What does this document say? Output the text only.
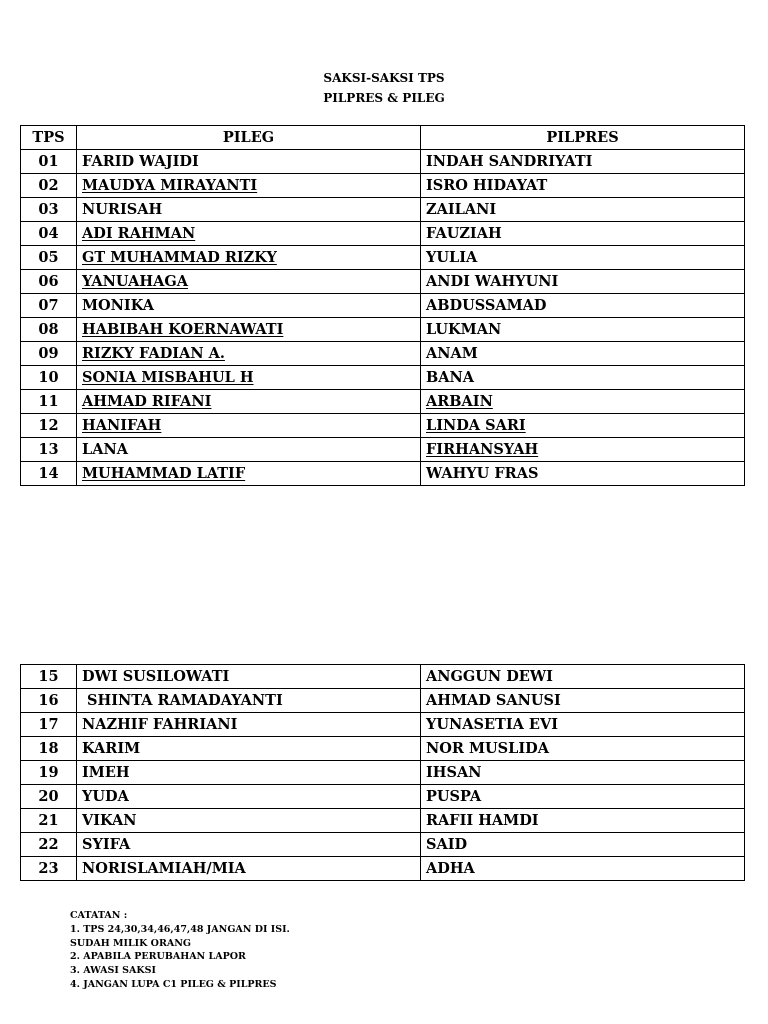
SAKSI-SAKSI TPS
PILPRES & PILEG
TPS	PILEG	PILPRES
01	FARID WAJIDI	INDAH SANDRIYATI
02	MAUDYA MIRAYANTI	ISRO HIDAYAT
03	NURISAH	ZAILANI
04	ADI RAHMAN	FAUZIAH
05	GT MUHAMMAD RIZKY	YULIA
06	YANUAHAGA	ANDI WAHYUNI
07	MONIKA	ABDUSSAMAD
08	HABIBAH KOERNAWATI	LUKMAN
09	RIZKY FADIAN A.	ANAM
10	SONIA MISBAHUL H	BANA
11	AHMAD RIFANI	ARBAIN
12	HANIFAH	LINDA SARI
13	LANA	FIRHANSYAH
14	MUHAMMAD LATIF	WAHYU FRAS
15	DWI SUSILOWATI	ANGGUN DEWI
16	SHINTA RAMADAYANTI	AHMAD SANUSI
17	NAZHIF FAHRIANI	YUNASETIA EVI
18	KARIM	NOR MUSLIDA
19	IMEH	IHSAN
20	YUDA	PUSPA
21	VIKAN	RAFII HAMDI
22	SYIFA	SAID
23	NORISLAMIAH/MIA	ADHA
CATATAN :
1. TPS 24,30,34,46,47,48 JANGAN DI ISI.
SUDAH MILIK ORANG
2. APABILA PERUBAHAN LAPOR
3. AWASI SAKSI
4. JANGAN LUPA C1 PILEG & PILPRES
